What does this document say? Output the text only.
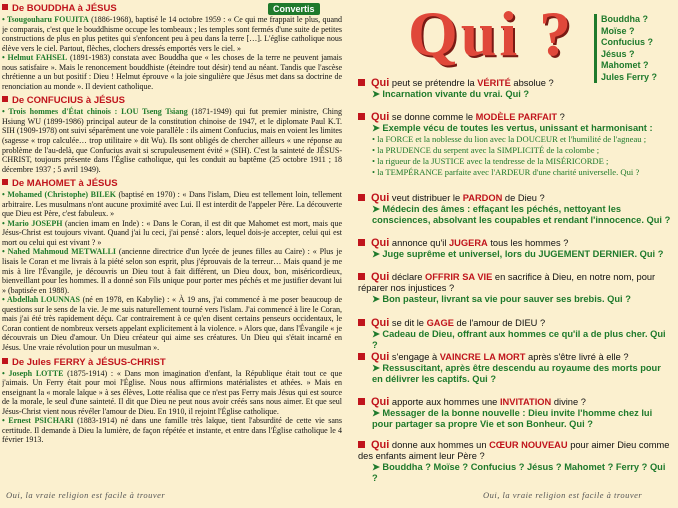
Convertis
De BOUDDHA à JÉSUS

• Tsougouharu FOUJITA (1886-1968), baptisé le 14 octobre 1959 : « Ce qui me frappait le plus, quand je comparais, c'est que le bouddhisme occupe les tombeaux ; les temples sont fermés d'une suite de petites constructions de plus en plus petites qui s'enfoncent peu à peu dans la terre […]. L'église catholique nous élève vers le ciel. Partout, flèches, clochers dressés emportés vers le ciel. »

• Helmut FAHSEL (1891-1983) constata avec Bouddha que « les choses de la terre ne peuvent jamais nous satisfaire ». Mais le renoncement bouddhiste (éteindre tout désir) tend au néant. Tandis que l'ascèse chrétienne a un but positif : Dieu ! Helmut éprouve « la joie singulière que Jésus met dans sa doctrine de renonciation au monde ». Il devient catholique.

De CONFUCIUS à JÉSUS

• Trois hommes d'État chinois : LOU Tseng Tsiang (1871-1949) qui fut premier ministre, Ching Hsiung WU (1899-1986) principal auteur de la constitution chinoise de 1947, et le diplomate Paul K.T. SIH (1909-1978) ont suivi séparément une voie parallèle : ils aiment Confucius, mais en voient les limites (sagesse « trop calculée… trop utilitaire » dit Wu). Ils sont obligés de chercher ailleurs « une réponse au problème de l'au-delà, que Confucius avait si scrupuleusement évité » (SIH). C'est la sainteté de JÉSUS-CHRIST, toujours présente dans l'Église catholique, qui les conduit au baptême (25 octobre 1911 ; 18 décembre 1937 ; 5 avril 1949).

De MAHOMET à JÉSUS

• Mohamed (Christophe) BILEK (baptisé en 1970) : « Dans l'islam, Dieu est tellement loin, tellement arbitraire. Les musulmans n'ont aucune proximité avec Lui. Il est interdit de l'appeler Père. La découverte que Dieu est Père, c'est fabuleux. »

• Mario JOSEPH (ancien imam en Inde) : « Dans le Coran, il est dit que Mahomet est mort, mais que Jésus-Christ est toujours vivant. Quand j'ai lu ceci, j'ai pensé : alors, lequel dois-je accepter, celui qui est mort ou celui qui est vivant ? »

• Nahed Mahmoud METWALLI (ancienne directrice d'un lycée de jeunes filles au Caire) : « Plus je lisais le Coran et me livrais à la piété selon son esprit, plus j'éprouvais de la terreur… Mais quand je me mis à lire l'Évangile, je découvris un Dieu tout à fait différent, un Dieu doux, bon, miséricordieux, bienveillant pour les hommes. Il a donné son Fils unique pour porter mes péchés et me justifier devant lui » (baptisée en 1988).

• Abdellah LOUNNAS (né en 1978, en Kabylie) : « À 19 ans, j'ai commencé à me poser beaucoup de questions sur le sens de la vie. Je me suis naturellement tourné vers l'islam. J'ai commencé à lire le Coran, mais j'ai été très rapidement déçu. Car contrairement à ce qu'en disent certains penseurs occidentaux, le Coran contient de nombreux versets appelant explicitement à la violence. » Alors que, dans l'Évangile « je découvrais un Dieu d'amour. Un Dieu créateur qui aime ses créatures. Un Dieu qui s'était incarné en Jésus. Une vraie révolution pour un musulman ».

De Jules FERRY à JÉSUS-CHRIST

• Joseph LOTTE (1875-1914) : « Dans mon imagination d'enfant, la République était tout ce que j'aimais. Un Ferry était pour moi l'Église. Nous nous affirmions matérialistes et athées. » Mais en enseignant la « morale laïque » à ses élèves, Lotte réalisa que ce n'est pas Ferry mais Jésus qui est source de la morale, le seul d'une sainteté. Il dit que Dieu ne peut nous avoir créés sans nous aimer. Et que seul Jésus-Christ vient nous révéler l'amour de Dieu. En 1910, il rejoint l'Église catholique.

• Ernest PSICHARI (1883-1914) né dans une famille très laïque, tient l'absurdité de cette vie sans certitude. Il demande à Dieu la lumière, de façon répétée et instante, et entre dans l'Église catholique le 4 février 1913.

Oui, la vraie religion est facile à trouver
Qui ?	Bouddha ?
Moïse ?
Confucius ?
Jésus ?
Mahomet ?
Jules Ferry ?
Qui peut se prétendre la VÉRITÉ absolue ?
➤ Incarnation vivante du vrai. Qui ?
Qui se donne comme le MODÈLE PARFAIT ?
➤ Exemple vécu de toutes les vertus, unissant et harmonisant :
• la FORCE et la noblesse du lion avec la DOUCEUR et l'humilité de l'agneau ;
• la PRUDENCE du serpent avec la SIMPLICITÉ de la colombe ;
• la rigueur de la JUSTICE avec la tendresse de la MISÉRICORDE ;
• la TEMPÉRANCE parfaite avec l'ARDEUR d'une charité universelle. Qui ?
Qui veut distribuer le PARDON de Dieu ?
➤ Médecin des âmes : effaçant les péchés, nettoyant les consciences, absolvant les coupables et rendant l'innocence. Qui ?
Qui annonce qu'il JUGERA tous les hommes ?
➤ Juge suprême et universel, lors du JUGEMENT DERNIER. Qui ?
Qui déclare OFFRIR SA VIE en sacrifice à Dieu, en notre nom, pour réparer nos injustices ?
➤ Bon pasteur, livrant sa vie pour sauver ses brebis. Qui ?
Qui se dit le GAGE de l'amour de DIEU ?
➤ Cadeau de Dieu, offrant aux hommes ce qu'il a de plus cher. Qui ?
Qui s'engage à VAINCRE LA MORT après s'être livré à elle ?
➤ Ressuscitant, après être descendu au royaume des morts pour en délivrer les captifs. Qui ?
Qui apporte aux hommes une INVITATION divine ?
➤ Messager de la bonne nouvelle : Dieu invite l'homme chez lui pour partager sa propre Vie et son Bonheur. Qui ?
Qui donne aux hommes un CŒUR NOUVEAU pour aimer Dieu comme des enfants aiment leur Père ?
➤ Bouddha ? Moïse ? Confucius ? Jésus ? Mahomet ? Ferry ? Qui ?
Oui, la vraie religion est facile à trouver
